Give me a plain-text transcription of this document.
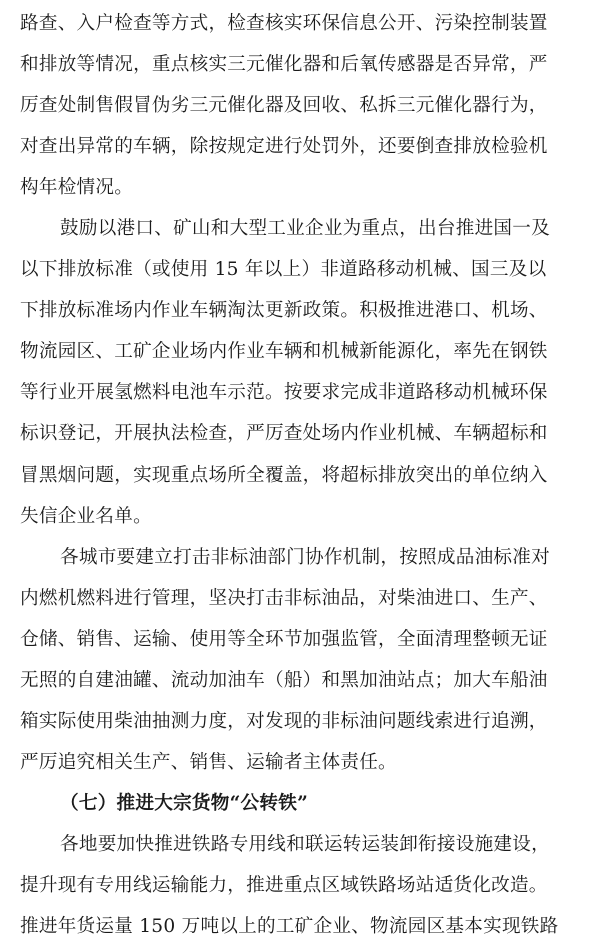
路查、入户检查等方式，检查核实环保信息公开、污染控制装置
和排放等情况，重点核实三元催化器和后氧传感器是否异常，严
厉查处制售假冒伪劣三元催化器及回收、私拆三元催化器行为，
对查出异常的车辆，除按规定进行处罚外，还要倒查排放检验机
构年检情况。
鼓励以港口、矿山和大型工业企业为重点，出台推进国一及
以下排放标准（或使用 15 年以上）非道路移动机械、国三及以
下排放标准场内作业车辆淘汰更新政策。积极推进港口、机场、
物流园区、工矿企业场内作业车辆和机械新能源化，率先在钢铁
等行业开展氢燃料电池车示范。按要求完成非道路移动机械环保
标识登记，开展执法检查，严厉查处场内作业机械、车辆超标和
冒黑烟问题，实现重点场所全覆盖，将超标排放突出的单位纳入
失信企业名单。
各城市要建立打击非标油部门协作机制，按照成品油标准对
内燃机燃料进行管理，坚决打击非标油品，对柴油进口、生产、
仓储、销售、运输、使用等全环节加强监管，全面清理整顿无证
无照的自建油罐、流动加油车（船）和黑加油站点；加大车船油
箱实际使用柴油抽测力度，对发现的非标油问题线索进行追溯，
严厉追究相关生产、销售、运输者主体责任。
（七）推进大宗货物“公转铁”
各地要加快推进铁路专用线和联运转运装卸衔接设施建设，
提升现有专用线运输能力，推进重点区域铁路场站适货化改造。
推进年货运量 150 万吨以上的工矿企业、物流园区基本实现铁路
